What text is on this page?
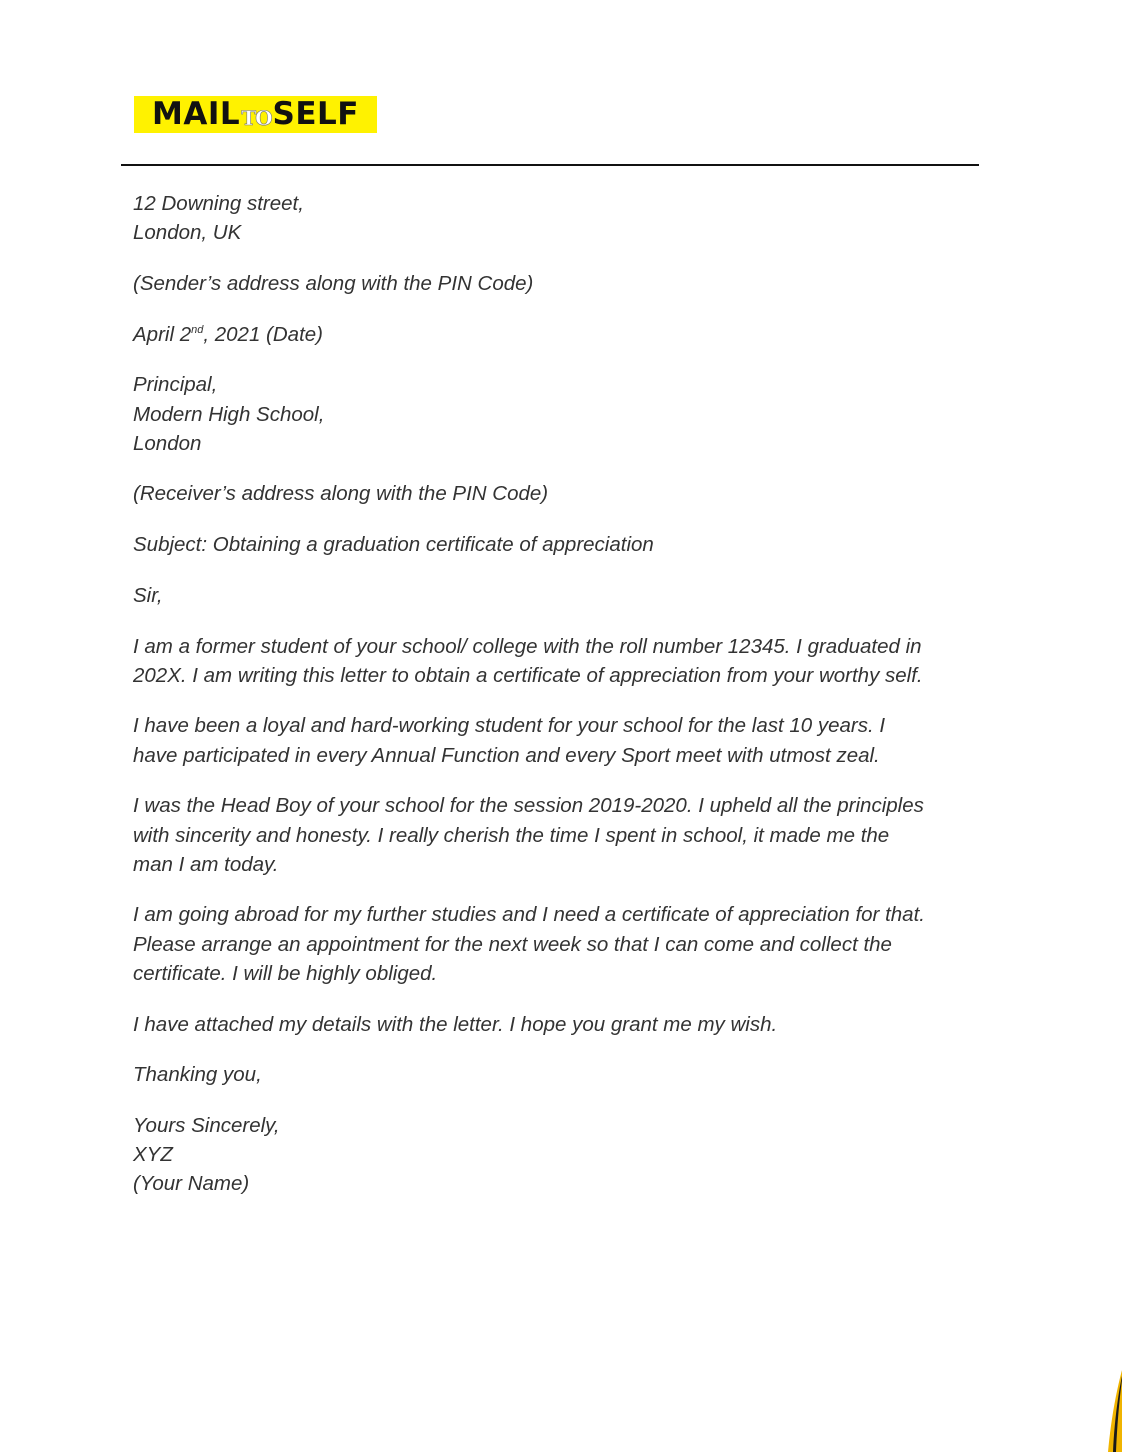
MAIL TO SELF
12 Downing street,
London, UK
(Sender’s address along with the PIN Code)
April 2nd, 2021 (Date)
Principal,
Modern High School,
London
(Receiver’s address along with the PIN Code)
Subject: Obtaining a graduation certificate of appreciation
Sir,
I am a former student of your school/ college with the roll number 12345. I graduated in
202X. I am writing this letter to obtain a certificate of appreciation from your worthy self.
I have been a loyal and hard-working student for your school for the last 10 years. I
have participated in every Annual Function and every Sport meet with utmost zeal.
I was the Head Boy of your school for the session 2019-2020. I upheld all the principles
with sincerity and honesty. I really cherish the time I spent in school, it made me the
man I am today.
I am going abroad for my further studies and I need a certificate of appreciation for that.
Please arrange an appointment for the next week so that I can come and collect the
certificate. I will be highly obliged.
I have attached my details with the letter. I hope you grant me my wish.
Thanking you,
Yours Sincerely,
XYZ
(Your Name)
